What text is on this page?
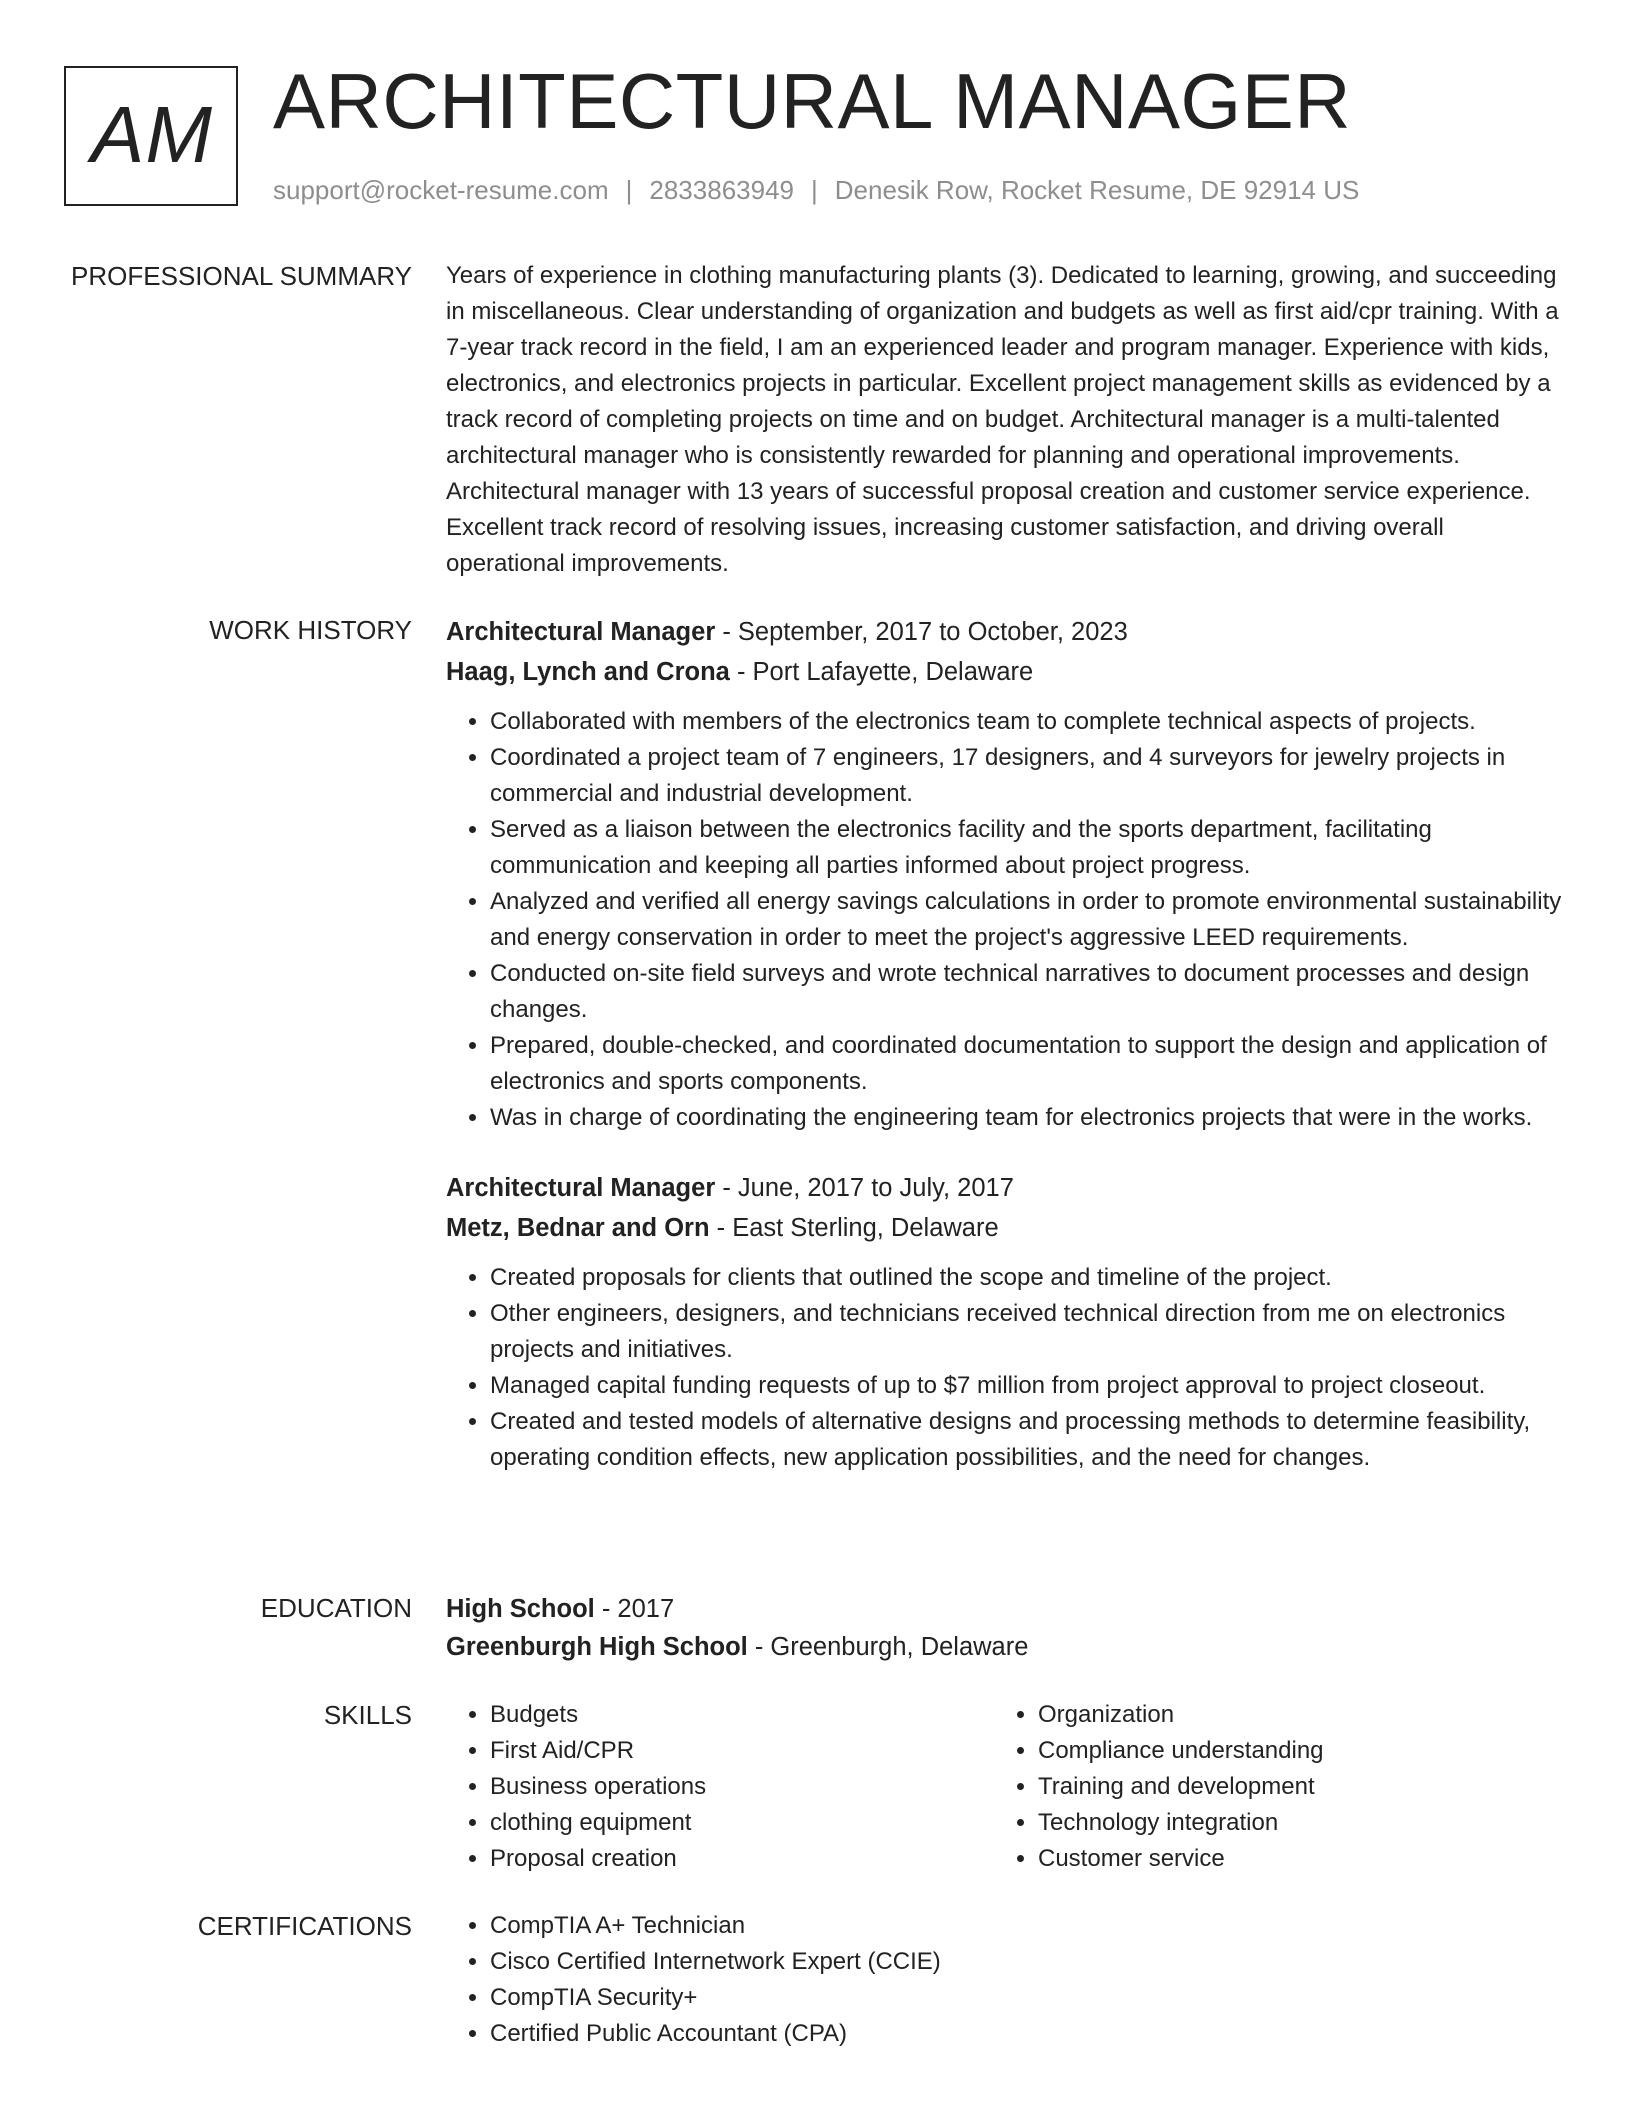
AM ARCHITECTURAL MANAGER
support@rocket-resume.com | 2833863949 | Denesik Row, Rocket Resume, DE 92914 US
PROFESSIONAL SUMMARY Years of experience in clothing manufacturing plants (3). Dedicated to learning, growing, and succeeding in miscellaneous. Clear understanding of organization and budgets as well as first aid/cpr training. With a 7-year track record in the field, I am an experienced leader and program manager. Experience with kids, electronics, and electronics projects in particular. Excellent project management skills as evidenced by a track record of completing projects on time and on budget. Architectural manager is a multi-talented architectural manager who is consistently rewarded for planning and operational improvements. Architectural manager with 13 years of successful proposal creation and customer service experience. Excellent track record of resolving issues, increasing customer satisfaction, and driving overall operational improvements.

WORK HISTORY Architectural Manager - September, 2017 to October, 2023
Haag, Lynch and Crona - Port Lafayette, Delaware
• Collaborated with members of the electronics team to complete technical aspects of projects.
• Coordinated a project team of 7 engineers, 17 designers, and 4 surveyors for jewelry projects in commercial and industrial development.
• Served as a liaison between the electronics facility and the sports department, facilitating communication and keeping all parties informed about project progress.
• Analyzed and verified all energy savings calculations in order to promote environmental sustainability and energy conservation in order to meet the project's aggressive LEED requirements.
• Conducted on-site field surveys and wrote technical narratives to document processes and design changes.
• Prepared, double-checked, and coordinated documentation to support the design and application of electronics and sports components.
• Was in charge of coordinating the engineering team for electronics projects that were in the works.
Architectural Manager - June, 2017 to July, 2017
Metz, Bednar and Orn - East Sterling, Delaware
• Created proposals for clients that outlined the scope and timeline of the project.
• Other engineers, designers, and technicians received technical direction from me on electronics projects and initiatives.
• Managed capital funding requests of up to $7 million from project approval to project closeout.
• Created and tested models of alternative designs and processing methods to determine feasibility, operating condition effects, new application possibilities, and the need for changes.
EDUCATION High School - 2017
Greenburgh High School - Greenburgh, Delaware
SKILLS	• Budgets
• First Aid/CPR
• Business operations
• clothing equipment
• Proposal creation
• Organization
• Compliance understanding
• Training and development
• Technology integration
• Customer service
CERTIFICATIONS	• CompTIA A+ Technician
• Cisco Certified Internetwork Expert (CCIE)
• CompTIA Security+
• Certified Public Accountant (CPA)
